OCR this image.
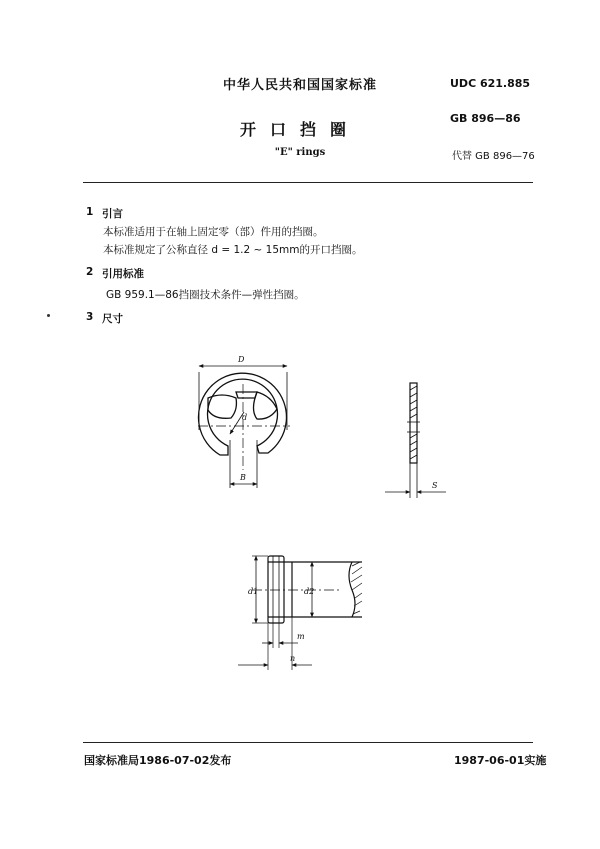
中华人民共和国国家标准	UDC 621.885
开口挡圈
GB 896—86
"E" rings	代替 GB 896—76
1 引言
本标准适用于在轴上固定零（部）件用的挡圈。
本标准规定了公称直径 d = 1.2 ~ 15mm的开口挡圈。
2 引用标准
GB 959.1—86挡圈技术条件—弹性挡圈。
3 尺寸
D
d
B
S
d1	d2
m
n
国家标准局1986-07-02发布	1987-06-01实施
